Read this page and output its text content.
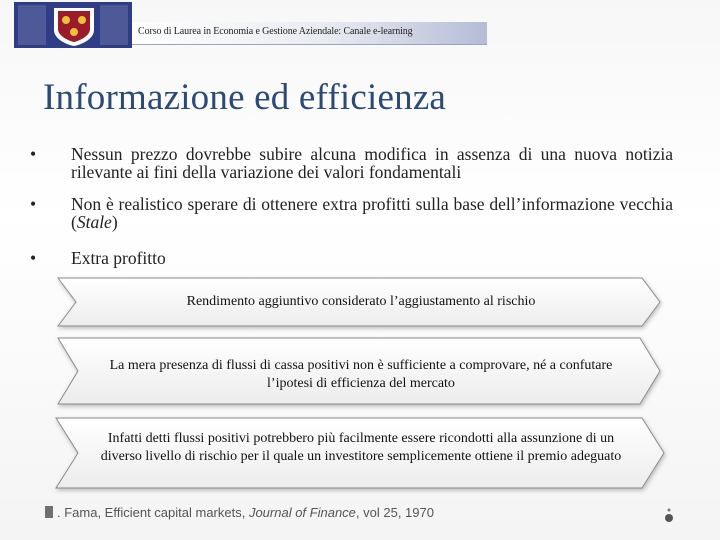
Corso di Laurea in Economia e Gestione Aziendale: Canale e-learning
Informazione ed efficienza
• Nessun prezzo dovrebbe subire alcuna modifica in assenza di una nuova notizia rilevante ai fini della variazione dei valori fondamentali
• Non è realistico sperare di ottenere extra profitti sulla base dell’informazione vecchia (Stale)
• Extra profitto
Rendimento aggiuntivo considerato l’aggiustamento al rischio
La mera presenza di flussi di cassa positivi non è sufficiente a comprovare, né a confutare l’ipotesi di efficienza del mercato
Infatti detti flussi positivi potrebbero più facilmente essere ricondotti alla assunzione di un diverso livello di rischio per il quale un investitore semplicemente ottiene il premio adeguato
. Fama, Efficient capital markets, Journal of Finance, vol 25, 1970
